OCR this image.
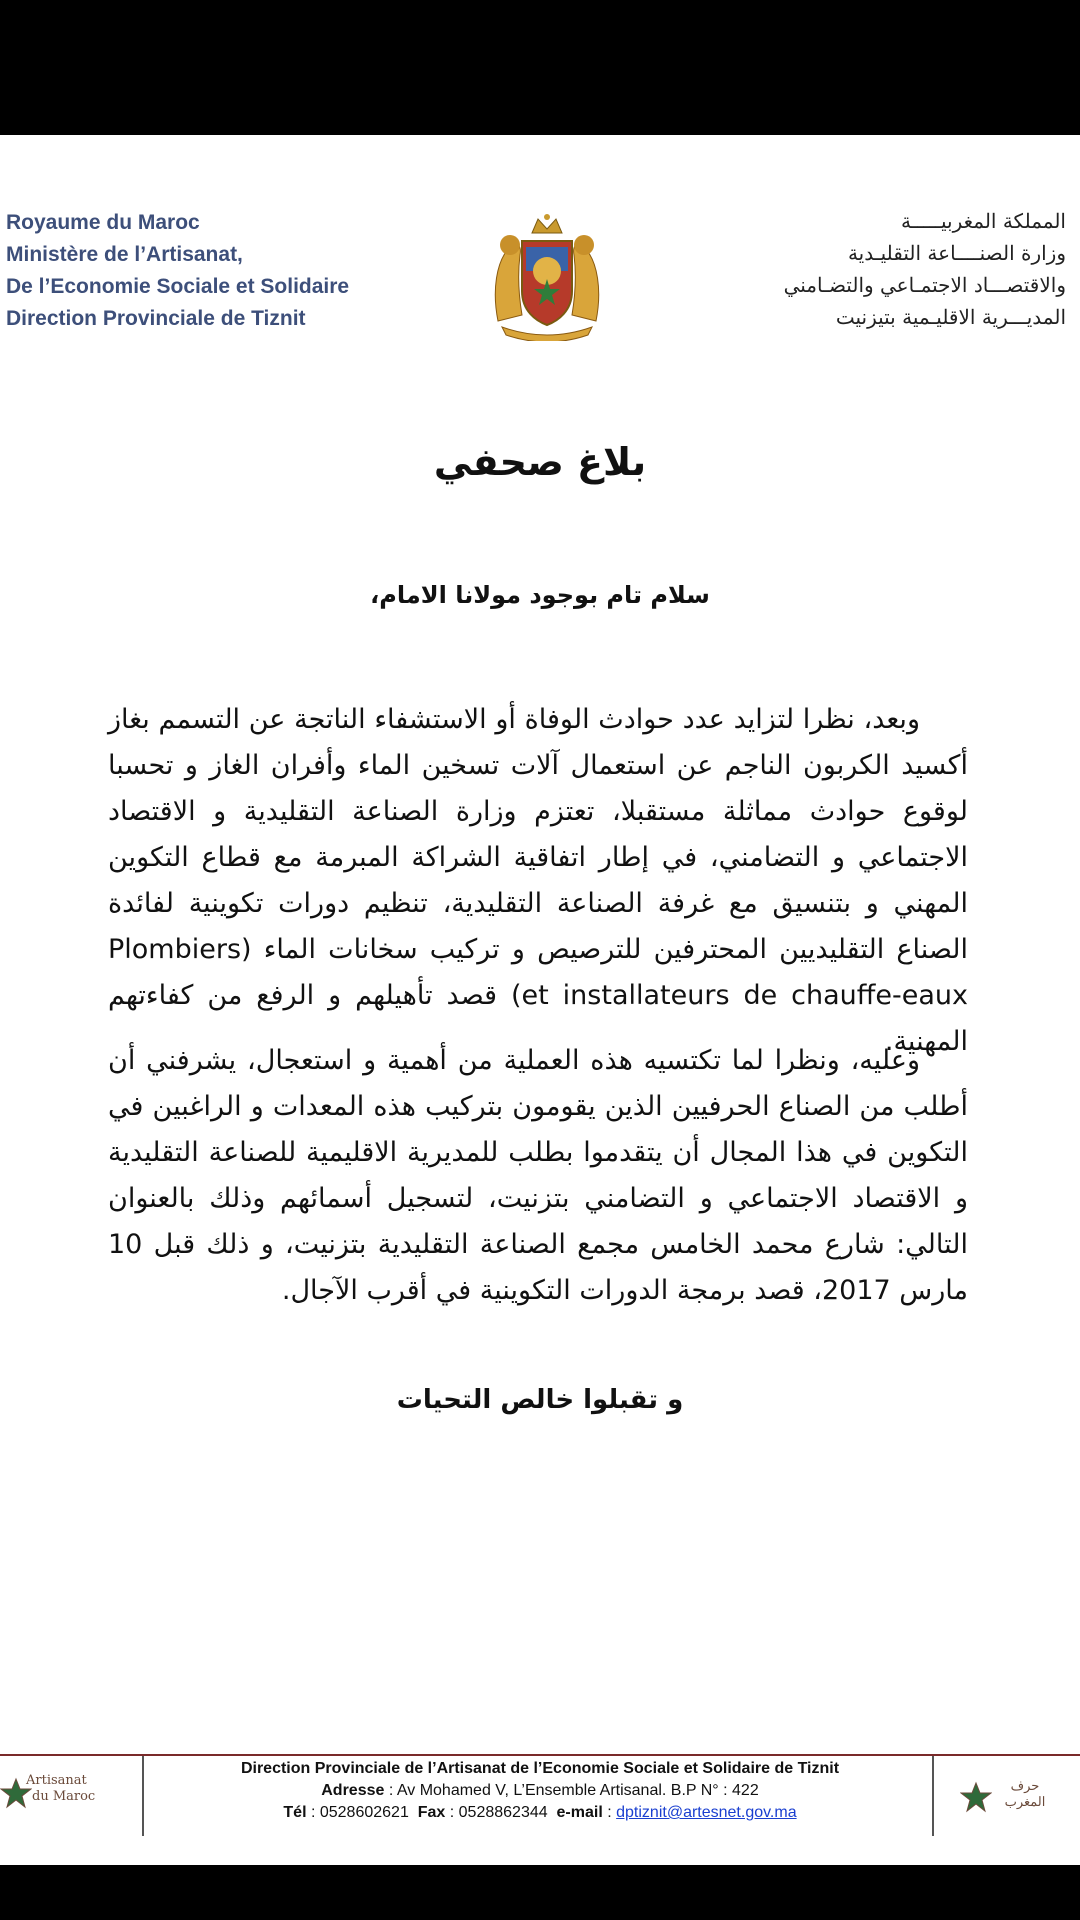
Royaume du Maroc
Ministère de l’Artisanat,
De l’Economie Sociale et Solidaire
Direction Provinciale de Tiznit
المملكة المغربيـــــة
وزارة الصنــــاعة التقليـدية
والاقتصـــاد الاجتمـاعي والتضـامني
المديـــرية الاقليـمية بتيزنيت
بلاغ صحفي
سلام تام بوجود مولانا الامام،
وبعد، نظرا لتزايد عدد حوادث الوفاة أو الاستشفاء الناتجة عن التسمم بغاز أكسيد الكربون الناجم عن استعمال آلات تسخين الماء وأفران الغاز و تحسبا لوقوع حوادث مماثلة مستقبلا، تعتزم وزارة الصناعة التقليدية و الاقتصاد الاجتماعي و التضامني، في إطار اتفاقية الشراكة المبرمة مع قطاع التكوين المهني و بتنسيق مع غرفة الصناعة التقليدية، تنظيم دورات تكوينية لفائدة الصناع التقليديين المحترفين للترصيص و تركيب سخانات الماء (Plombiers et installateurs de chauffe-eaux) قصد تأهيلهم و الرفع من كفاءتهم المهنية.
وعليه، ونظرا لما تكتسيه هذه العملية من أهمية و استعجال، يشرفني أن أطلب من الصناع الحرفيين الذين يقومون بتركيب هذه المعدات و الراغبين في التكوين في هذا المجال أن يتقدموا بطلب للمديرية الاقليمية للصناعة التقليدية و الاقتصاد الاجتماعي و التضامني بتزنيت، لتسجيل أسمائهم وذلك بالعنوان التالي: شارع محمد الخامس مجمع الصناعة التقليدية بتزنيت، و ذلك قبل 10 مارس 2017، قصد برمجة الدورات التكوينية في أقرب الآجال.
و تقبلوا خالص التحيات
Artisanat
du Maroc
Direction Provinciale de l’Artisanat de l’Economie Sociale et Solidaire de Tiznit
Adresse : Av Mohamed V, L’Ensemble Artisanal. B.P N° : 422
Tél : 0528602621  Fax : 0528862344  e-mail : dptiznit@artesnet.gov.ma
حرف المغرب
